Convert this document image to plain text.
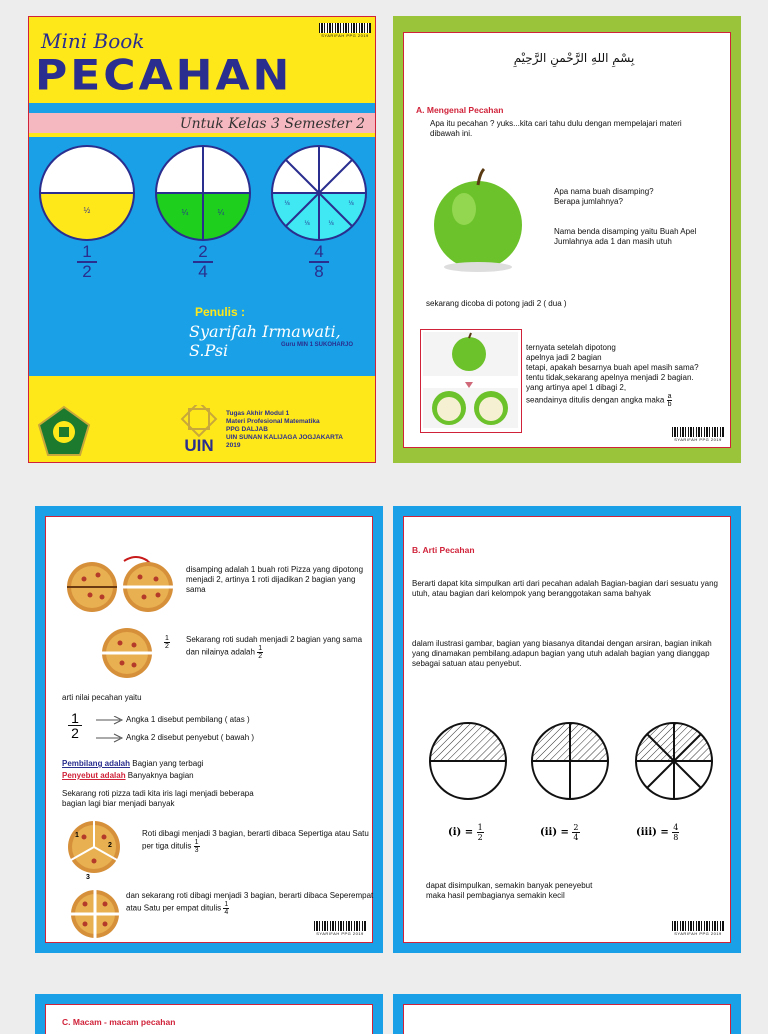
Mini Book	SYARIFAH PPG 2019
PECAHAN
Untuk Kelas 3 Semester 2
½	¼	¼
⅛
⅛	⅛
⅛
1
2
2
4
4
8
Penulis :
Syarifah Irmawati, S.Psi	Guru MIN 1 SUKOHARJO
UIN
Tugas Akhir Modul 1
Materi Profesional Matematika
PPG DALJAB
UIN SUNAN KALIJAGA JOGJAKARTA
2019
بِسْمِ اللهِ الرَّحْمنِ الرَّحِيْمِ
A. Mengenal Pecahan
Apa itu pecahan ? yuks...kita cari tahu dulu dengan mempelajari materi dibawah ini.
Apa nama buah disamping?
Berapa jumlahnya?
Nama benda disamping yaitu Buah Apel
Jumlahnya ada 1 dan masih utuh
sekarang dicoba di potong jadi 2 ( dua )
ternyata setelah dipotong
apelnya jadi 2 bagian
tetapi, apakah besarnya buah apel masih sama?
tentu tidak,sekarang apelnya menjadi 2 bagian.
yang artinya apel 1 dibagi 2,
seandainya ditulis dengan angka maka $\frac{a}{b}$
SYARIFAH PPG 2019
disamping adalah 1 buah roti Pizza yang dipotong menjadi 2, artinya 1 roti dijadikan 2 bagian yang sama
$\frac{1}{2}$ Sekarang roti sudah menjadi 2 bagian yang sama dan nilainya adalah $\frac{1}{2}$
arti nilai pecahan yaitu
1
2
Angka 1 disebut pembilang ( atas )
Angka 2 disebut penyebut ( bawah )
Pembilang adalah Bagian yang terbagi
Penyebut adalah Banyaknya bagian
Sekarang roti pizza tadi kita iris lagi menjadi beberapa bagian lagi biar menjadi banyak
1
2
3
Roti dibagi menjadi 3 bagian, berarti dibaca Sepertiga atau Satu per tiga ditulis $\frac{1}{3}$
dan sekarang roti dibagi menjadi 3 bagian, berarti dibaca Seperempat atau Satu per empat ditulis $\frac{1}{4}$
SYARIFAH PPG 2019
B. Arti Pecahan
Berarti dapat kita simpulkan arti dari pecahan adalah Bagian-bagian dari sesuatu yang utuh, atau bagian dari kelompok yang beranggotakan sama bahyak
dalam ilustrasi gambar, bagian yang biasanya ditandai dengan arsiran, bagian inikah yang dinamakan pembilang.adapun bagian yang utuh adalah bagian yang dianggap sebagai satuan atau penyebut.
$(i) = \frac{1}{2}$	$(ii) = \frac{2}{4}$	$(iii) = \frac{4}{8}$
dapat disimpulkan, semakin banyak peneyebut
maka hasil pembagianya semakin kecil
SYARIFAH PPG 2019
C. Macam - macam pecahan
